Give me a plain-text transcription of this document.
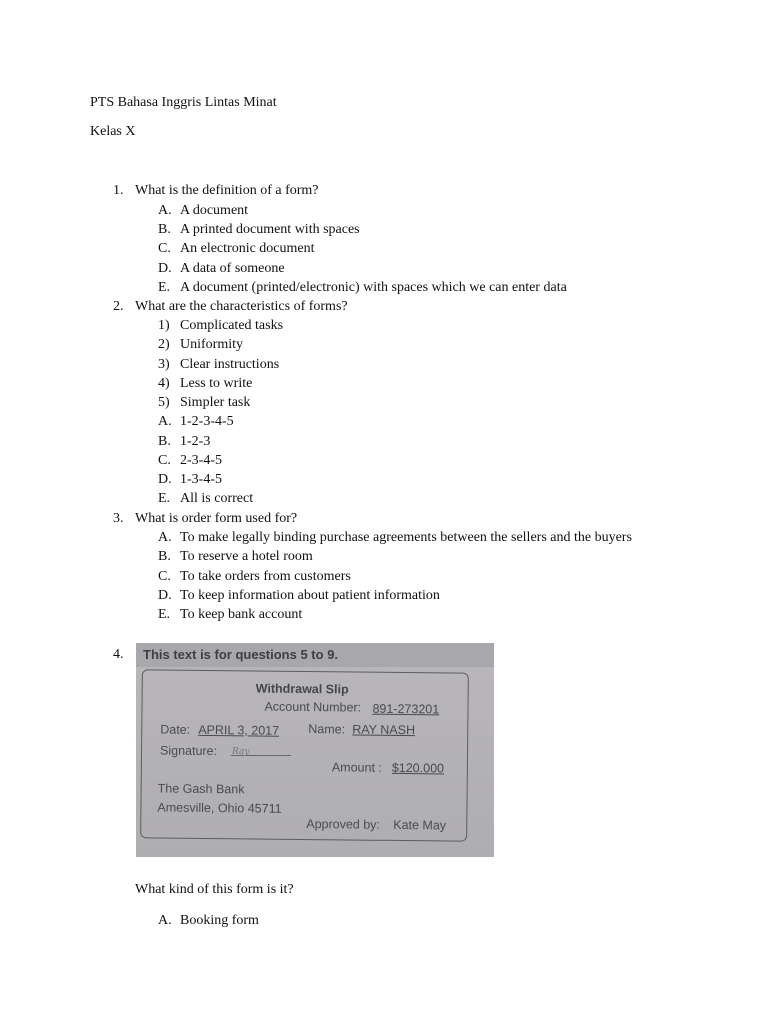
PTS Bahasa Inggris Lintas Minat
Kelas X
1. What is the definition of a form?
A. A document
B. A printed document with spaces
C. An electronic document
D. A data of someone
E. A document (printed/electronic) with spaces which we can enter data
2. What are the characteristics of forms?
1) Complicated tasks
2) Uniformity
3) Clear instructions
4) Less to write
5) Simpler task
A. 1-2-3-4-5
B. 1-2-3
C. 2-3-4-5
D. 1-3-4-5
E. All is correct
3. What is order form used for?
A. To make legally binding purchase agreements between the sellers and the buyers
B. To reserve a hotel room
C. To take orders from customers
D. To keep information about patient information
E. To keep bank account
4. This text is for questions 5 to 9.
Withdrawal Slip
Account Number: 891-273201
Date: APRIL 3, 2017 Name: RAY NASH
Signature:
Amount : $120.000
The Gash Bank
Amesville, Ohio 45711
Approved by: Kate May
Ray
What kind of this form is it?
A. Booking form
